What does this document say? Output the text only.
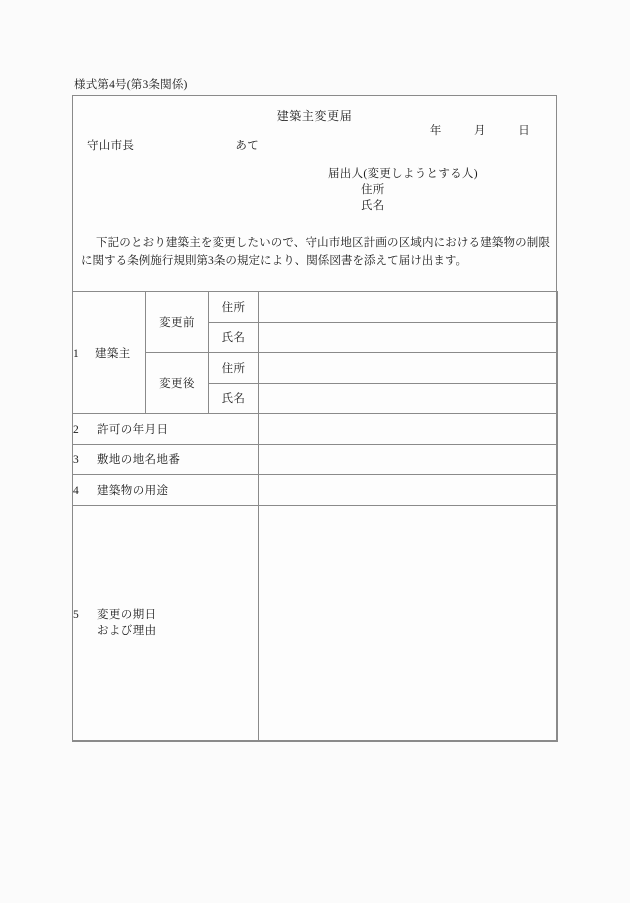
様式第4号(第3条関係)
建築主変更届
年	月	日
守山市長	あて
届出人(変更しようとする人)
住所
氏名
下記のとおり建築主を変更したいので、守山市地区計画の区域内における建築物の制限に関する条例施行規則第3条の規定により、関係図書を添えて届け出ます。
1 建築主	変更前	住所	
		氏名	
	変更後	住所	
		氏名	
2 許可の年月日			
3 敷地の地名地番			
4 建築物の用途			
5 変更の期日
および理由			
